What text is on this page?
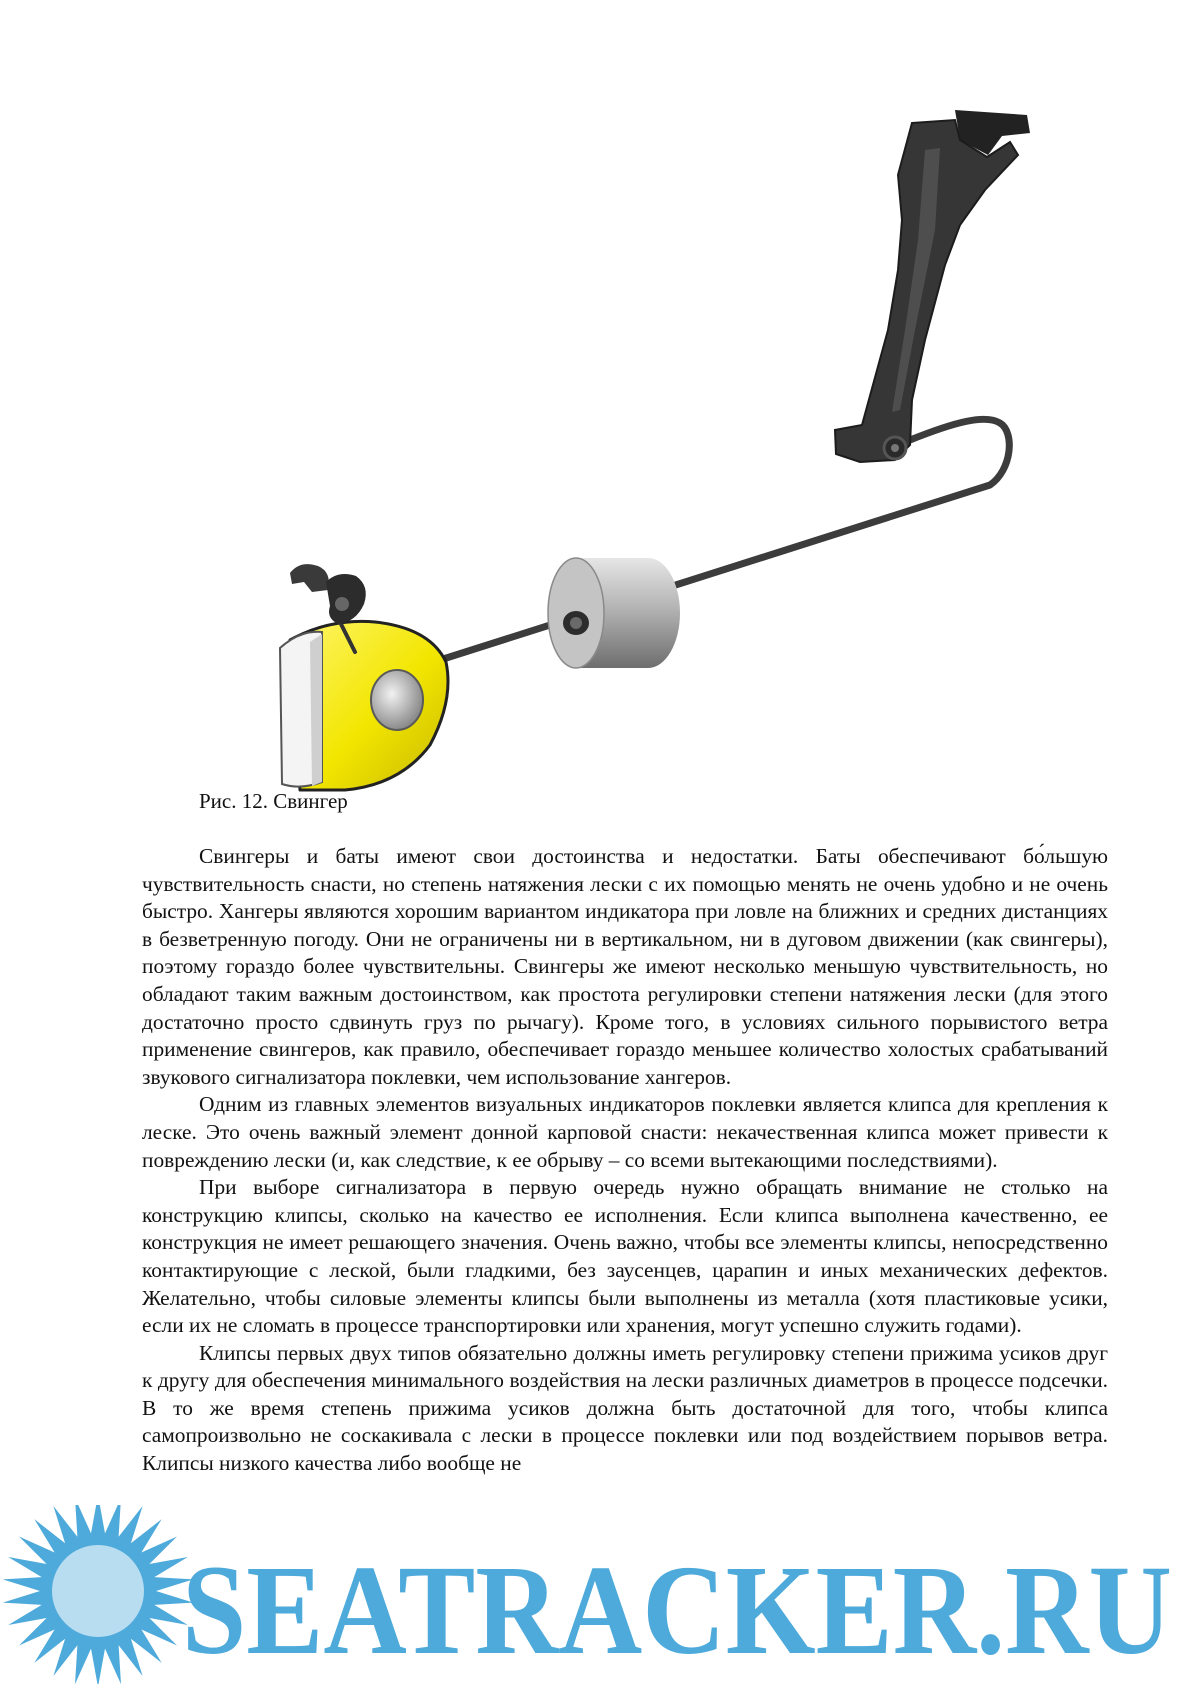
Рис. 12. Свингер

Свингеры и баты имеют свои достоинства и недостатки. Баты обеспечивают бо́льшую чувствительность снасти, но степень натяжения лески с их помощью менять не очень удобно и не очень быстро. Хангеры являются хорошим вариантом индикатора при ловле на ближних и средних дистанциях в безветренную погоду. Они не ограничены ни в вертикальном, ни в дуговом движении (как свингеры), поэтому гораздо более чувствительны. Свингеры же имеют несколько меньшую чувствительность, но обладают таким важным достоинством, как простота регулировки степени натяжения лески (для этого достаточно просто сдвинуть груз по рычагу). Кроме того, в условиях сильного порывистого ветра применение свингеров, как правило, обеспечивает гораздо меньшее количество холостых срабатываний звукового сигнализатора поклевки, чем использование хангеров.

Одним из главных элементов визуальных индикаторов поклевки является клипса для крепления к леске. Это очень важный элемент донной карповой снасти: некачественная клипса может привести к повреждению лески (и, как следствие, к ее обрыву – со всеми вытекающими последствиями).

При выборе сигнализатора в первую очередь нужно обращать внимание не столько на конструкцию клипсы, сколько на качество ее исполнения. Если клипса выполнена качественно, ее конструкция не имеет решающего значения. Очень важно, чтобы все элементы клипсы, непосредственно контактирующие с леской, были гладкими, без заусенцев, царапин и иных механических дефектов. Желательно, чтобы силовые элементы клипсы были выполнены из металла (хотя пластиковые усики, если их не сломать в процессе транспортировки или хранения, могут успешно служить годами).

Клипсы первых двух типов обязательно должны иметь регулировку степени прижима усиков друг к другу для обеспечения минимального воздействия на лески различных диаметров в процессе подсечки. В то же время степень прижима усиков должна быть достаточной для того, чтобы клипса самопроизвольно не соскакивала с лески в процессе поклевки или под воздействием порывов ветра. Клипсы низкого качества либо вообще не

SEATRACKER.RU
